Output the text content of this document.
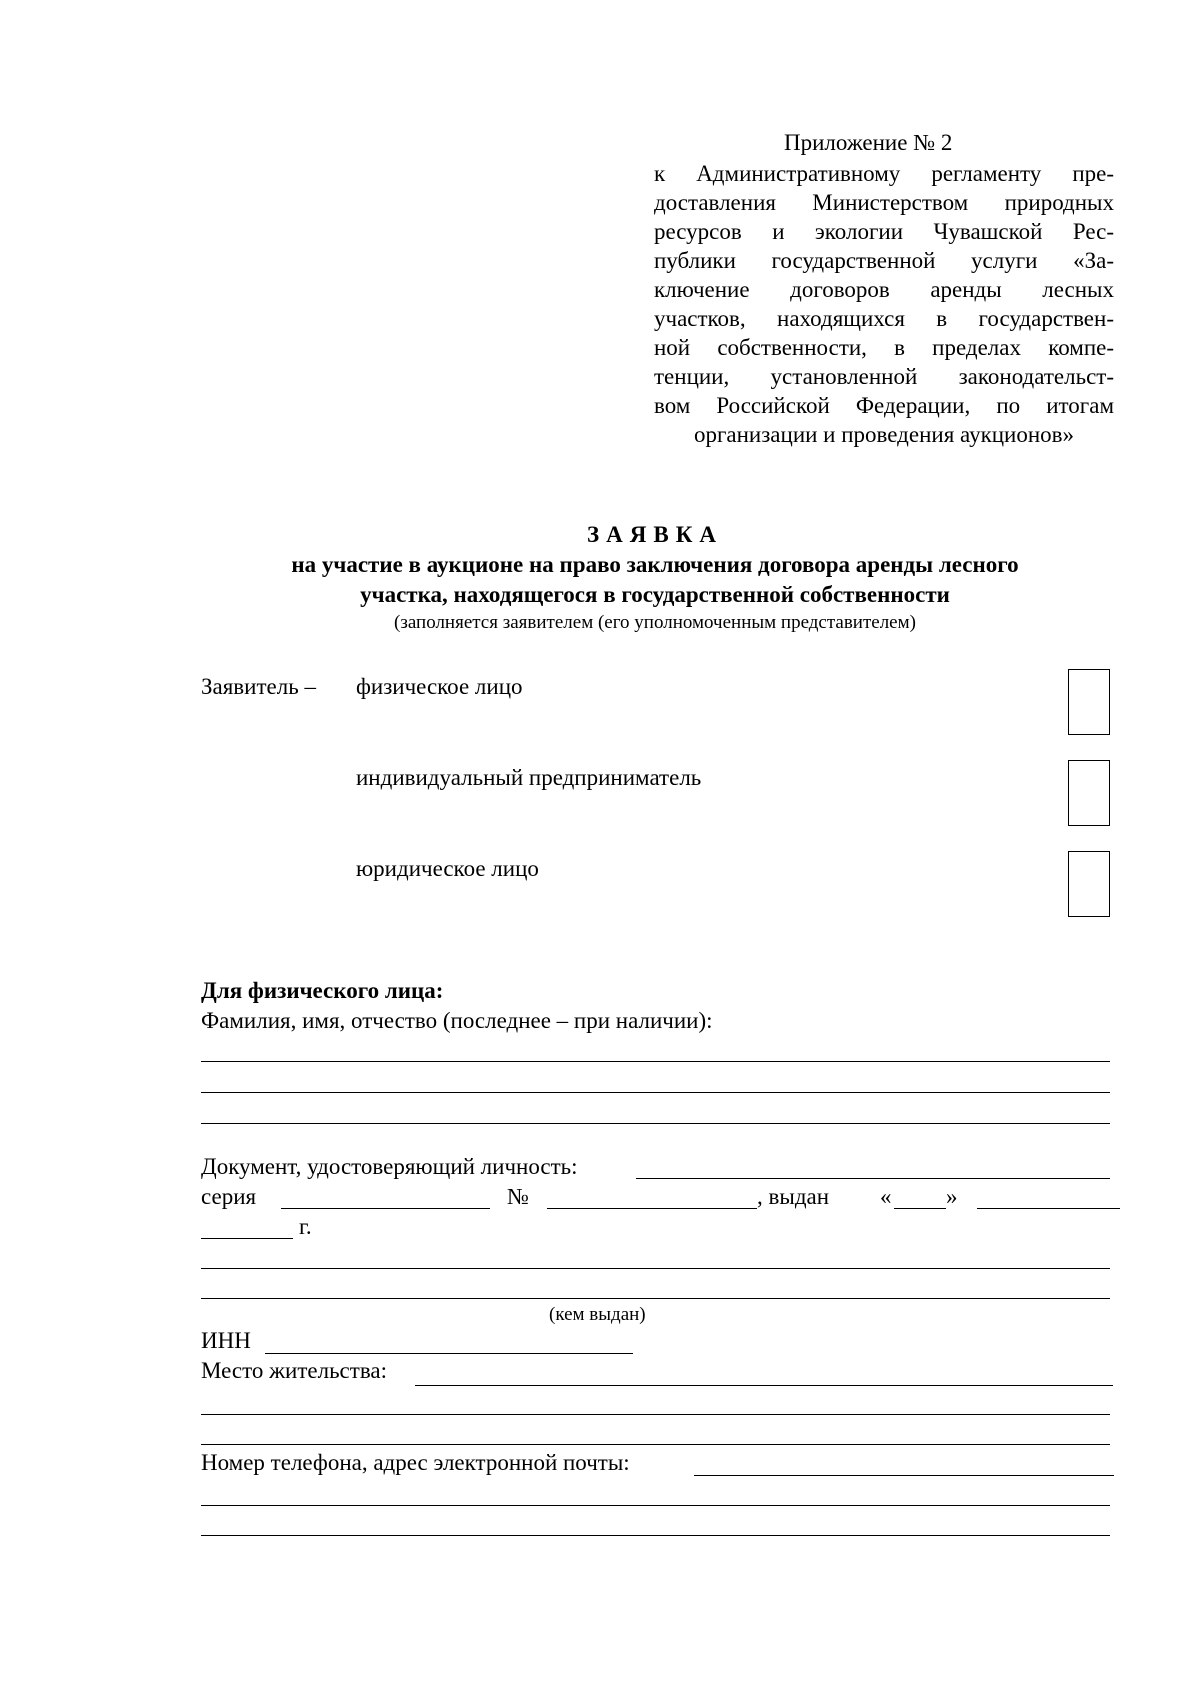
Приложение № 2
к Административному регламенту пре-
доставления Министерством природных
ресурсов и экологии Чувашской Рес-
публики государственной услуги «За-
ключение договоров аренды лесных
участков, находящихся в государствен-
ной собственности, в пределах компе-
тенции, установленной законодательст-
вом Российской Федерации, по итогам
организации и проведения аукционов»
ЗАЯВКА
на участие в аукционе на право заключения договора аренды лесного
участка, находящегося в государственной собственности
(заполняется заявителем (его уполномоченным представителем)
Заявитель – физическое лицо
индивидуальный предприниматель
юридическое лицо
Для физического лица:
Фамилия, имя, отчество (последнее – при наличии):
Документ, удостоверяющий личность:
серия	№	, выдан « »
г.
(кем выдан)
ИНН
Место жительства:
Номер телефона, адрес электронной почты:
